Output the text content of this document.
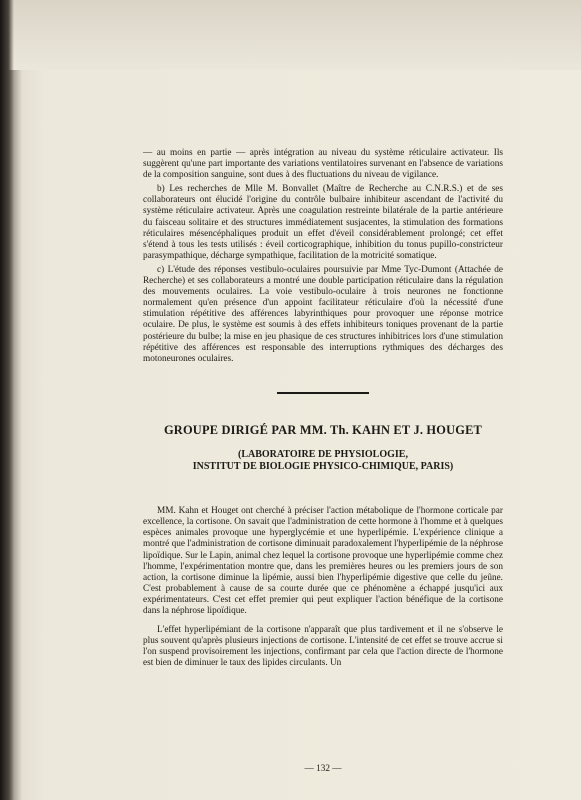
— au moins en partie — après intégration au niveau du système réticulaire activateur. Ils suggèrent qu'une part importante des variations ventilatoires survenant en l'absence de variations de la composition sanguine, sont dues à des fluctuations du niveau de vigilance.

b) Les recherches de Mlle M. Bonvallet (Maître de Recherche au C.N.R.S.) et de ses collaborateurs ont élucidé l'origine du contrôle bulbaire inhibiteur ascendant de l'activité du système réticulaire activateur. Après une coagulation restreinte bilatérale de la partie antérieure du faisceau solitaire et des structures immédiatement susjacentes, la stimulation des formations réticulaires mésencéphaliques produit un effet d'éveil considérablement prolongé; cet effet s'étend à tous les tests utilisés : éveil corticographique, inhibition du tonus pupillo-constricteur parasympathique, décharge sympathique, facilitation de la motricité somatique.

c) L'étude des réponses vestibulo-oculaires poursuivie par Mme Tyc-Dumont (Attachée de Recherche) et ses collaborateurs a montré une double participation réticulaire dans la régulation des mouvements oculaires. La voie vestibulo-oculaire à trois neurones ne fonctionne normalement qu'en présence d'un appoint facilitateur réticulaire d'où la nécessité d'une stimulation répétitive des afférences labyrinthiques pour provoquer une réponse motrice oculaire. De plus, le système est soumis à des effets inhibiteurs toniques provenant de la partie postérieure du bulbe; la mise en jeu phasique de ces structures inhibitrices lors d'une stimulation répétitive des afférences est responsable des interruptions rythmiques des décharges des motoneurones oculaires.

GROUPE DIRIGÉ PAR MM. Th. KAHN ET J. HOUGET
(LABORATOIRE DE PHYSIOLOGIE,
INSTITUT DE BIOLOGIE PHYSICO-CHIMIQUE, PARIS)

MM. Kahn et Houget ont cherché à préciser l'action métabolique de l'hormone corticale par excellence, la cortisone. On savait que l'administration de cette hormone à l'homme et à quelques espèces animales provoque une hyperglycémie et une hyperlipémie. L'expérience clinique a montré que l'administration de cortisone diminuait paradoxalement l'hyperlipémie de la néphrose lipoïdique. Sur le Lapin, animal chez lequel la cortisone provoque une hyperlipémie comme chez l'homme, l'expérimentation montre que, dans les premières heures ou les premiers jours de son action, la cortisone diminue la lipémie, aussi bien l'hyperlipémie digestive que celle du jeûne. C'est probablement à cause de sa courte durée que ce phénomène a échappé jusqu'ici aux expérimentateurs. C'est cet effet premier qui peut expliquer l'action bénéfique de la cortisone dans la néphrose lipoïdique.

L'effet hyperlipémiant de la cortisone n'apparaît que plus tardivement et il ne s'observe le plus souvent qu'après plusieurs injections de cortisone. L'intensité de cet effet se trouve accrue si l'on suspend provisoirement les injections, confirmant par cela que l'action directe de l'hormone est bien de diminuer le taux des lipides circulants. Un

— 132 —
